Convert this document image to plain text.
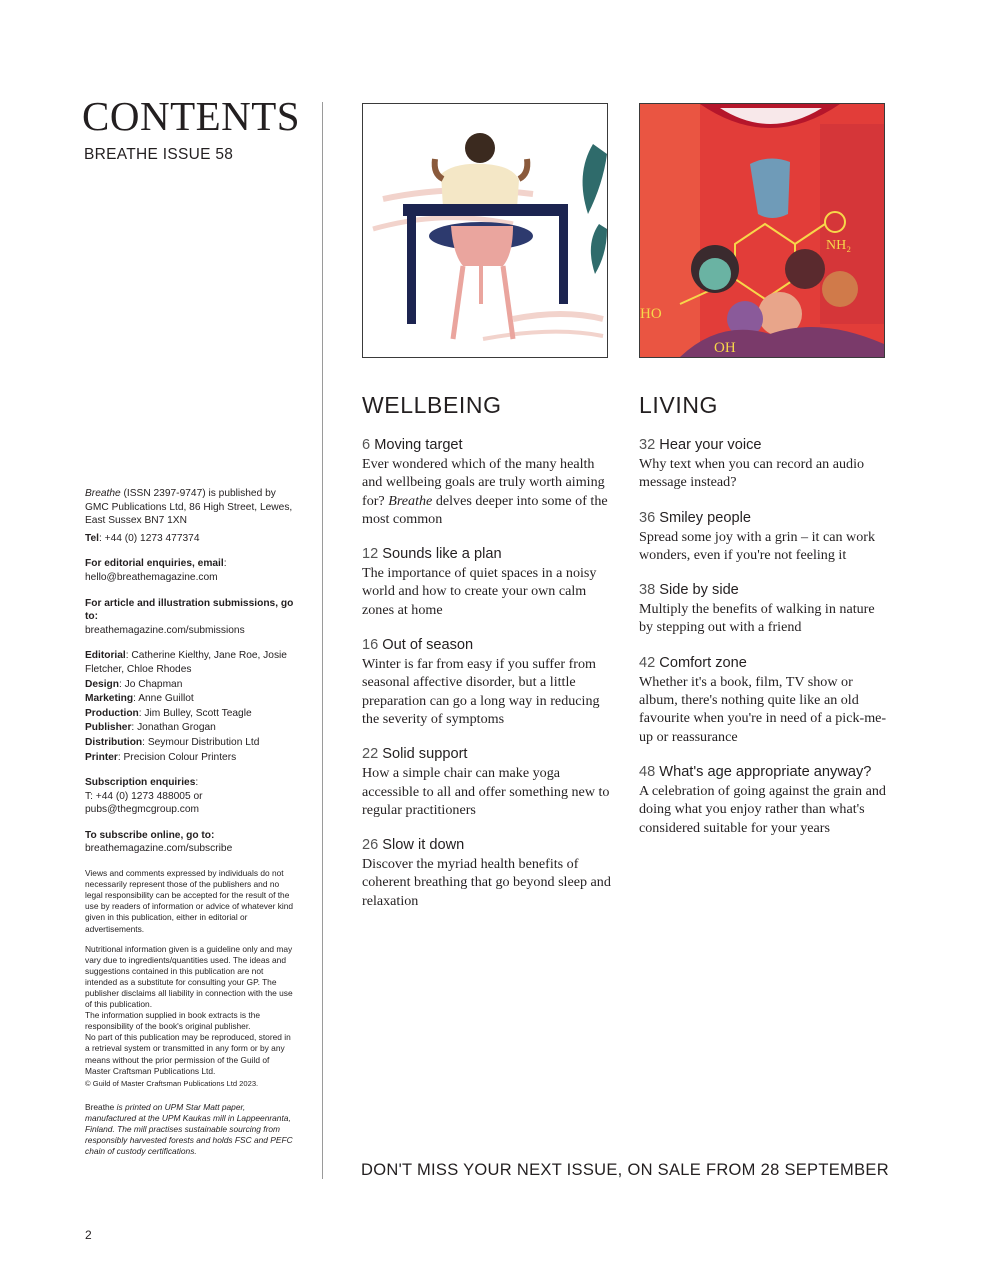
CONTENTS
BREATHE ISSUE 58

Breathe (ISSN 2397-9747) is published by GMC Publications Ltd, 86 High Street, Lewes, East Sussex BN7 1XN

Tel: +44 (0) 1273 477374

For editorial enquiries, email:
hello@breathemagazine.com

For article and illustration submissions, go to:
breathemagazine.com/submissions

Editorial: Catherine Kielthy, Jane Roe, Josie Fletcher, Chloe Rhodes
Design: Jo Chapman
Marketing: Anne Guillot
Production: Jim Bulley, Scott Teagle
Publisher: Jonathan Grogan
Distribution: Seymour Distribution Ltd
Printer: Precision Colour Printers

Subscription enquiries:
T: +44 (0) 1273 488005 or pubs@thegmcgroup.com

To subscribe online, go to:
breathemagazine.com/subscribe

Views and comments expressed by individuals do not necessarily represent those of the publishers and no legal responsibility can be accepted for the result of the use by readers of information or advice of whatever kind given in this publication, either in editorial or advertisements.

Nutritional information given is a guideline only and may vary due to ingredients/quantities used. The ideas and suggestions contained in this publication are not intended as a substitute for consulting your GP. The publisher disclaims all liability in connection with the use of this publication.
The information supplied in book extracts is the responsibility of the book's original publisher.
No part of this publication may be reproduced, stored in a retrieval system or transmitted in any form or by any means without the prior permission of the Guild of Master Craftsman Publications Ltd.
© Guild of Master Craftsman Publications Ltd 2023.

Breathe is printed on UPM Star Matt paper, manufactured at the UPM Kaukas mill in Lappeenranta, Finland. The mill practises sustainable sourcing from responsibly harvested forests and holds FSC and PEFC chain of custody certifications.

HO
OH
NH₂
WELLBEING
6 Moving target
Ever wondered which of the many health and wellbeing goals are truly worth aiming for? Breathe delves deeper into some of the most common
12 Sounds like a plan
The importance of quiet spaces in a noisy world and how to create your own calm zones at home
16 Out of season
Winter is far from easy if you suffer from seasonal affective disorder, but a little preparation can go a long way in reducing the severity of symptoms
22 Solid support
How a simple chair can make yoga accessible to all and offer something new to regular practitioners
26 Slow it down
Discover the myriad health benefits of coherent breathing that go beyond sleep and relaxation
LIVING
32 Hear your voice
Why text when you can record an audio message instead?
36 Smiley people
Spread some joy with a grin – it can work wonders, even if you're not feeling it
38 Side by side
Multiply the benefits of walking in nature by stepping out with a friend
42 Comfort zone
Whether it's a book, film, TV show or album, there's nothing quite like an old favourite when you're in need of a pick-me-up or reassurance
48 What's age appropriate anyway?
A celebration of going against the grain and doing what you enjoy rather than what's considered suitable for your years
DON'T MISS YOUR NEXT ISSUE, ON SALE FROM 28 SEPTEMBER
2
